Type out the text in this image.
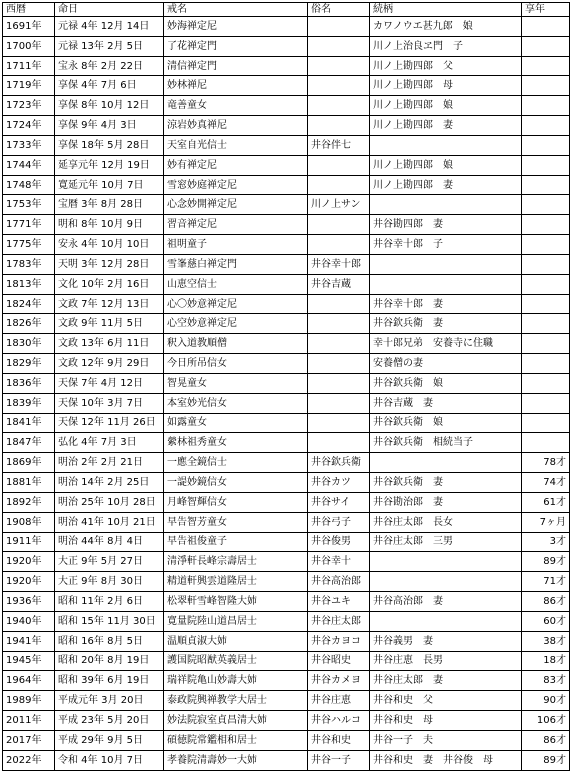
西暦	命日	戒名	俗名	続柄	享年
1691年	元禄 4年 12月 14日	妙海禅定尼		カワノウエ甚九郎　娘	
1700年	元禄 13年 2月 5日	了花禅定門		川ノ上治良ヱ門　子	
1711年	宝永 8年 2月 22日	清信禅定門		川ノ上勘四郎　父	
1719年	享保 4年 7月 6日	妙林禅尼		川ノ上勘四郎　母	
1723年	享保 8年 10月 12日	竜善童女		川ノ上勘四郎　娘	
1724年	享保 9年 4月 3日	涼岩妙真禅尼		川ノ上勘四郎　妻	
1733年	享保 18年 5月 28日	天室自光信士	井谷伴七		
1744年	延享元年 12月 19日	妙有禅定尼		川ノ上勘四郎　娘	
1748年	寛延元年 10月 7日	雪窓妙庭禅定尼		川ノ上勘四郎　妻	
1753年	宝暦 3年 8月 28日	心念妙開禅定尼	川ノ上サン		
1771年	明和 8年 10月 9日	習音禅定尼		井谷勘四郎　妻	
1775年	安永 4年 10月 10日	祖明童子		井谷幸十郎　子	
1783年	天明 3年 12月 28日	雪峯慈白禅定門	井谷幸十郎		
1813年	文化 10年 2月 16日	山恵空信士	井谷吉蔵		
1824年	文政 7年 12月 13日	心〇妙意禅定尼		井谷幸十郎　妻	
1826年	文政 9年 11月 5日	心空妙意禅定尼		井谷欽兵衛　妻	
1830年	文政 13年 6月 11日	釈入道教順僧		幸十郎兄弟　安養寺に住職	
1829年	文政 12年 9月 29日	今日所吊信女		安養僧の妻	
1836年	天保 7年 4月 12日	智晃童女		井谷欽兵衛　娘	
1839年	天保 10年 3月 7日	本室妙光信女		井谷吉蔵　妻	
1841年	天保 12年 11月 26日	如露童女		井谷欽兵衛　娘	
1847年	弘化 4年 7月 3日	縈林祖秀童女		井谷欽兵衛　相続当子	
1869年	明治 2年 2月 21日	一應全鏡信士	井谷欽兵衛		78才
1881年	明治 14年 2月 25日	一諟妙鏡信女	井谷カツ	井谷欽兵衛　妻	74才
1892年	明治 25年 10月 28日	月峰智輝信女	井谷サイ	井谷勘治郎　妻	61才
1908年	明治 41年 10月 21日	早告智芳童女	井谷弓子	井谷庄太郎　長女	7ヶ月
1911年	明治 44年 8月 4日	早告祖俊童子	井谷俊男	井谷庄太郎　三男	3才
1920年	大正 9年 5月 27日	清淨軒長峰宗壽居士	井谷幸十		89才
1920年	大正 9年 8月 30日	精道軒興雲道隆居士	井谷高治郎		71才
1936年	昭和 11年 2月 6日	松翠軒雪峰智隆大姉	井谷ユキ	井谷高治郎　妻	86才
1940年	昭和 15年 11月 30日	寛量院陸山道昌居士	井谷庄太郎		60才
1941年	昭和 16年 8月 5日	温順貞淑大姉	井谷カヨコ	井谷義男　妻	38才
1945年	昭和 20年 8月 19日	護国院昭猷英義居士	井谷昭史	井谷庄恵　長男	18才
1964年	昭和 39年 6月 19日	瑞祥院亀山妙壽大姉	井谷カメヨ	井谷庄太郎　妻	83才
1989年	平成元年 3月 20日	泰政院興禅教学大居士	井谷庄恵	井谷和史　父	90才
2011年	平成 23年 5月 20日	妙法院寂室貞昌清大姉	井谷ハルコ	井谷和史　母	106才
2017年	平成 29年 9月 5日	碩徳院常鑑相和居士	井谷和史	井谷一子　夫	86才
2022年	令和 4年 10月 7日	孝養院清壽妙一大姉	井谷一子	井谷和史　妻　井谷俊　母	89才
